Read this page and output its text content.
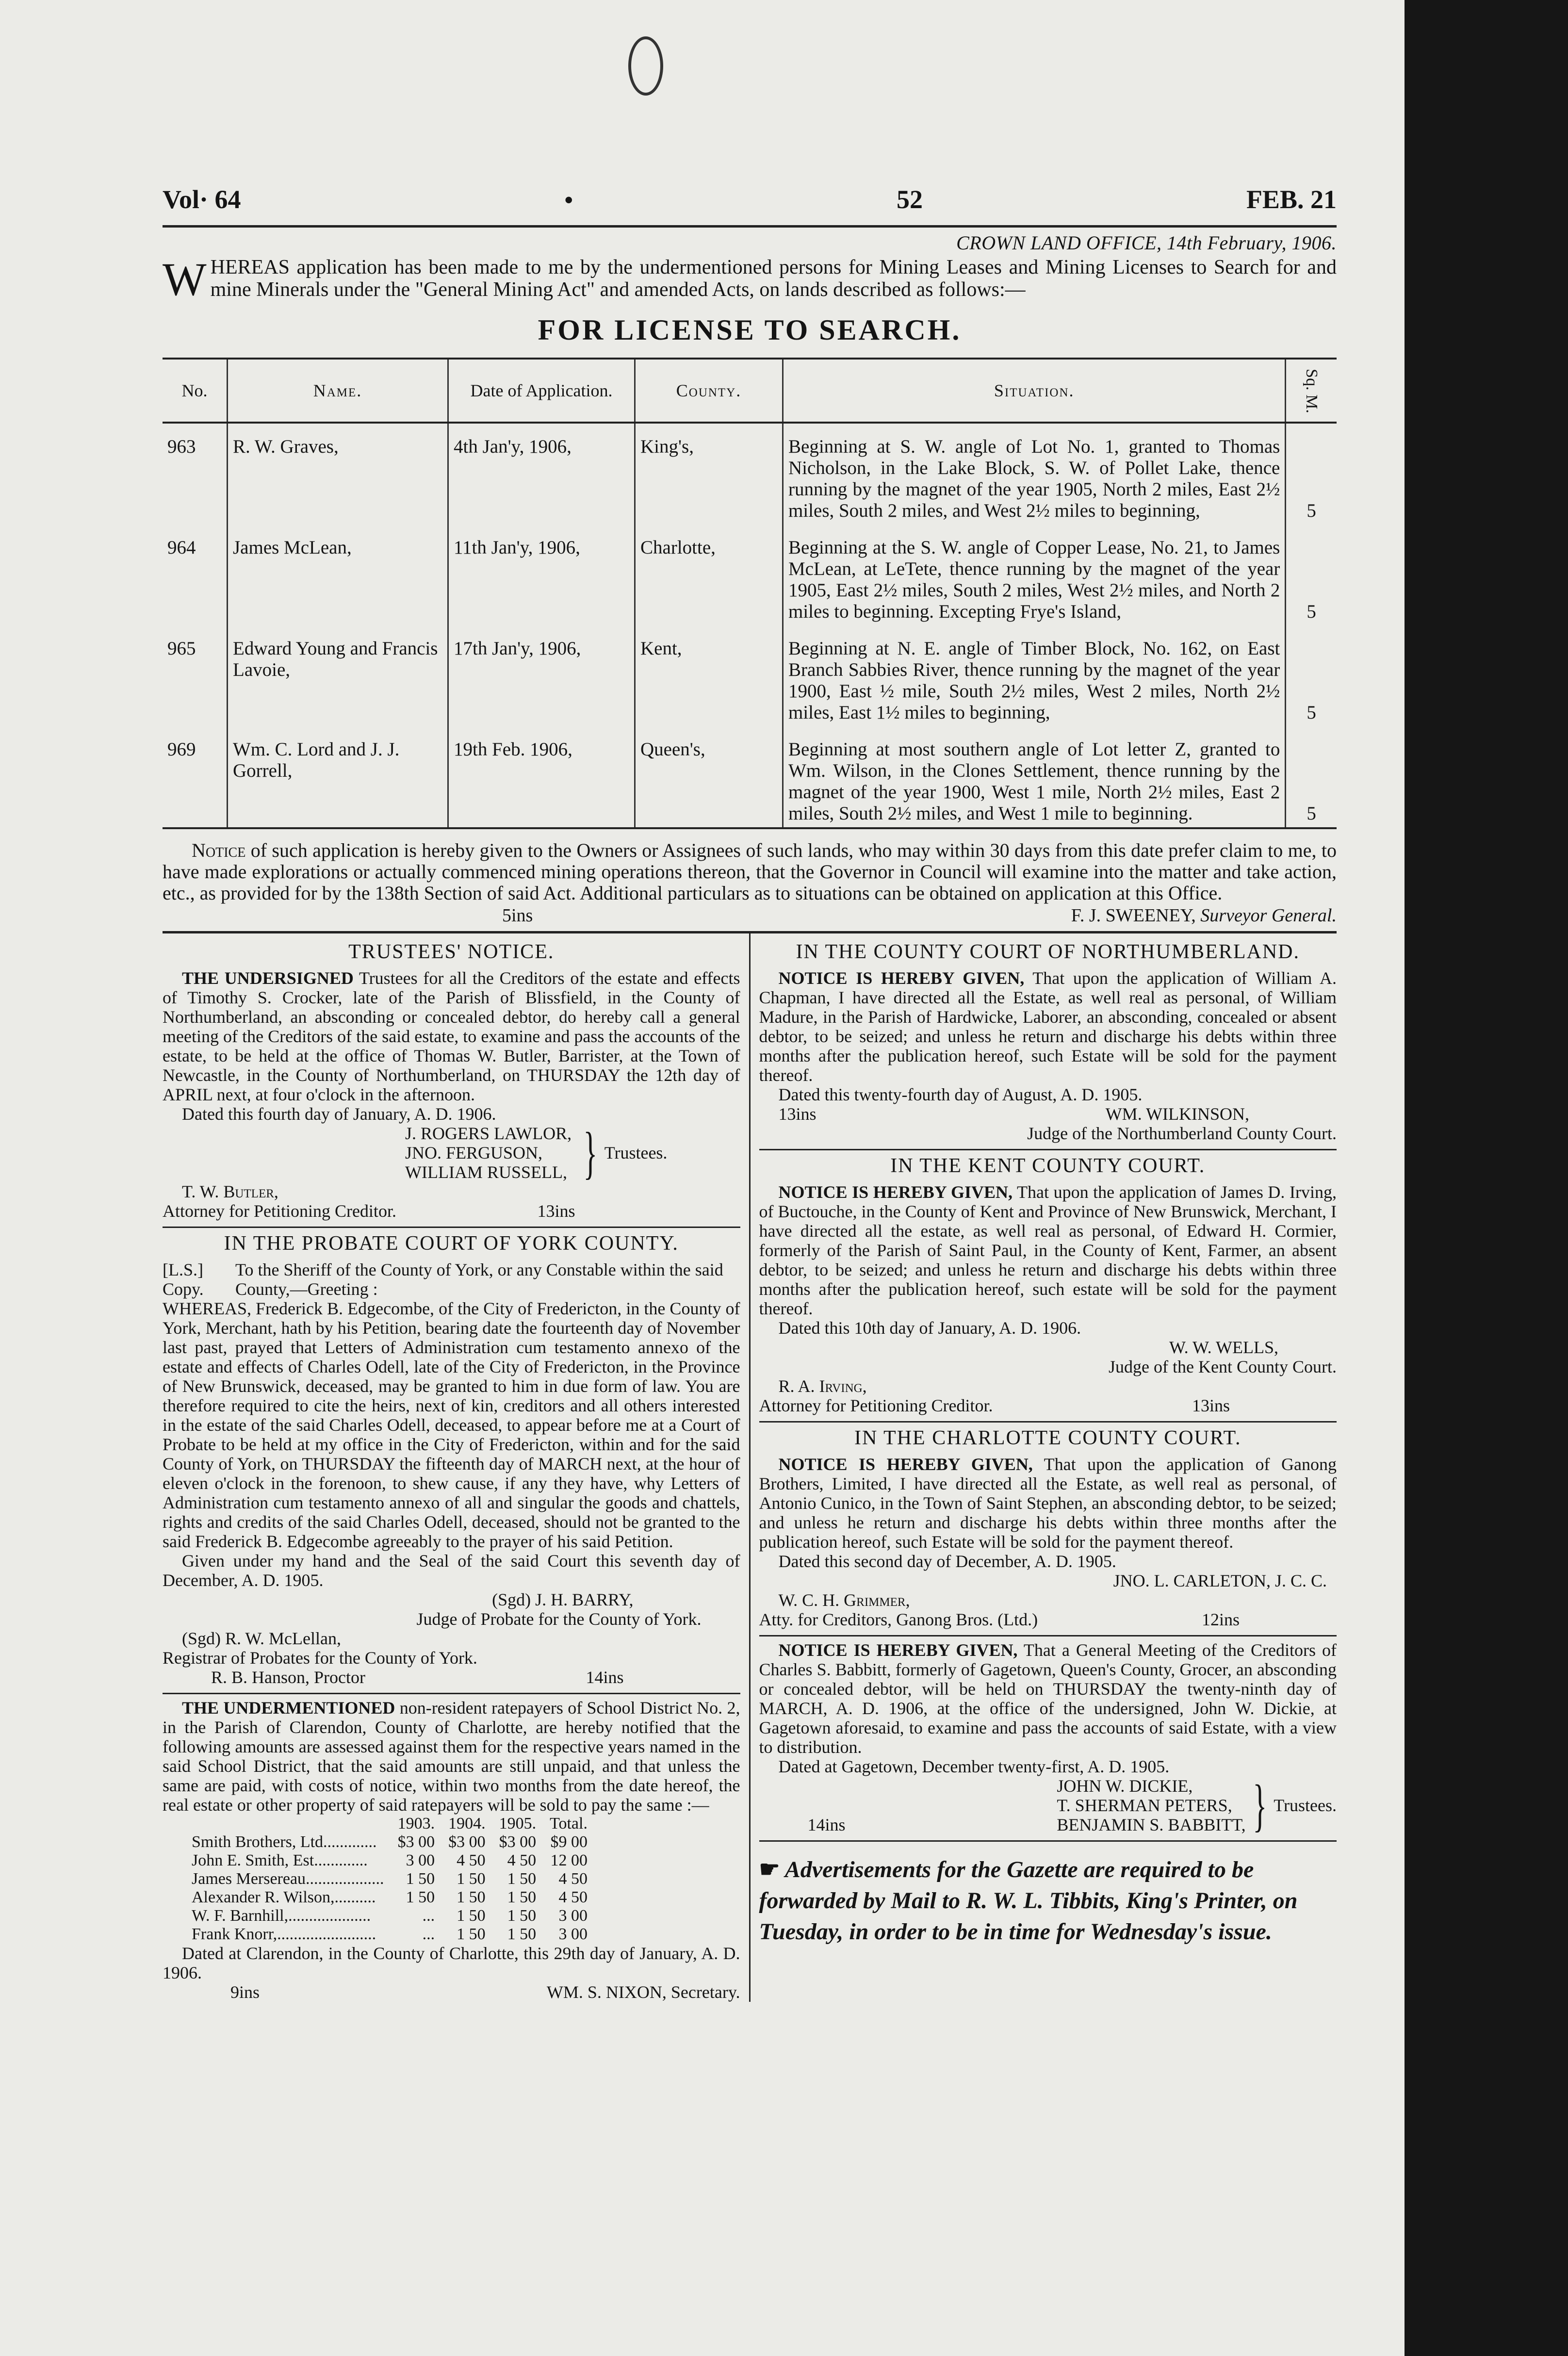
Vol· 64	•	52	FEB. 21
CROWN LAND OFFICE, 14th February, 1906.
WHEREAS application has been made to me by the undermentioned persons for Mining Leases and Mining Licenses to Search for and mine Minerals under the "General Mining Act" and amended Acts, on lands described as follows:—
FOR LICENSE TO SEARCH.
No.	Name.	Date of Application.	County.	Situation.	Sq. M.
963	R. W. Graves,	4th Jan'y, 1906,	King's,	Beginning at S. W. angle of Lot No. 1, granted to Thomas Nicholson, in the Lake Block, S. W. of Pollet Lake, thence running by the magnet of the year 1905, North 2 miles, East 2½ miles, South 2 miles, and West 2½ miles to beginning,	5
964	James McLean,	11th Jan'y, 1906,	Charlotte,	Beginning at the S. W. angle of Copper Lease, No. 21, to James McLean, at LeTete, thence running by the magnet of the year 1905, East 2½ miles, South 2 miles, West 2½ miles, and North 2 miles to beginning. Excepting Frye's Island,	5
965	Edward Young and Francis Lavoie,	17th Jan'y, 1906,	Kent,	Beginning at N. E. angle of Timber Block, No. 162, on East Branch Sabbies River, thence running by the magnet of the year 1900, East ½ mile, South 2½ miles, West 2 miles, North 2½ miles, East 1½ miles to beginning,	5
969	Wm. C. Lord and J. J. Gorrell,	19th Feb. 1906,	Queen's,	Beginning at most southern angle of Lot letter Z, granted to Wm. Wilson, in the Clones Settlement, thence running by the magnet of the year 1900, West 1 mile, North 2½ miles, East 2 miles, South 2½ miles, and West 1 mile to beginning.	5
Notice of such application is hereby given to the Owners or Assignees of such lands, who may within 30 days from this date prefer claim to me, to have made explorations or actually commenced mining operations thereon, that the Governor in Council will examine into the matter and take action, etc., as provided for by the 138th Section of said Act. Additional particulars as to situations can be obtained on application at this Office.
5ins	F. J. SWEENEY, Surveyor General.
TRUSTEES' NOTICE.
THE UNDERSIGNED Trustees for all the Creditors of the estate and effects of Timothy S. Crocker, late of the Parish of Blissfield, in the County of Northumberland, an absconding or concealed debtor, do hereby call a general meeting of the Creditors of the said estate, to examine and pass the accounts of the estate, to be held at the office of Thomas W. Butler, Barrister, at the Town of Newcastle, in the County of Northumberland, on THURSDAY the 12th day of APRIL next, at four o'clock in the afternoon.
Dated this fourth day of January, A. D. 1906.
J. ROGERS LAWLOR,
JNO. FERGUSON,
WILLIAM RUSSELL, } Trustees.
T. W. Butler,
Attorney for Petitioning Creditor.	13ins
IN THE PROBATE COURT OF YORK COUNTY.
[L.S.]
Copy.
To the Sheriff of the County of York, or any Constable within the said County,—Greeting :
WHEREAS, Frederick B. Edgecombe, of the City of Fredericton, in the County of York, Merchant, hath by his Petition, bearing date the fourteenth day of November last past, prayed that Letters of Administration cum testamento annexo of the estate and effects of Charles Odell, late of the City of Fredericton, in the Province of New Brunswick, deceased, may be granted to him in due form of law. You are therefore required to cite the heirs, next of kin, creditors and all others interested in the estate of the said Charles Odell, deceased, to appear before me at a Court of Probate to be held at my office in the City of Fredericton, within and for the said County of York, on THURSDAY the fifteenth day of MARCH next, at the hour of eleven o'clock in the forenoon, to shew cause, if any they have, why Letters of Administration cum testamento annexo of all and singular the goods and chattels, rights and credits of the said Charles Odell, deceased, should not be granted to the said Frederick B. Edgecombe agreeably to the prayer of his said Petition.
Given under my hand and the Seal of the said Court this seventh day of December, A. D. 1905.
(Sgd) J. H. BARRY,
Judge of Probate for the County of York.
(Sgd) R. W. McLellan,
Registrar of Probates for the County of York.
R. B. Hanson, Proctor	14ins
THE UNDERMENTIONED non-resident ratepayers of School District No. 2, in the Parish of Clarendon, County of Charlotte, are hereby notified that the following amounts are assessed against them for the respective years named in the said School District, that the said amounts are still unpaid, and that unless the same are paid, with costs of notice, within two months from the date hereof, the real estate or other property of said ratepayers will be sold to pay the same :—
	1903.	1904.	1905.	Total.
Smith Brothers, Ltd.............	$3 00	$3 00	$3 00	$9 00
John E. Smith, Est.............	3 00	4 50	4 50	12 00
James Mersereau...................	1 50	1 50	1 50	4 50
Alexander R. Wilson,..........	1 50	1 50	1 50	4 50
W. F. Barnhill,....................	...	1 50	1 50	3 00
Frank Knorr,........................	...	1 50	1 50	3 00
Dated at Clarendon, in the County of Charlotte, this 29th day of January, A. D. 1906.
9ins	WM. S. NIXON, Secretary.
IN THE COUNTY COURT OF NORTHUMBERLAND.
NOTICE IS HEREBY GIVEN, That upon the application of William A. Chapman, I have directed all the Estate, as well real as personal, of William Madure, in the Parish of Hardwicke, Laborer, an absconding, concealed or absent debtor, to be seized; and unless he return and discharge his debts within three months after the publication hereof, such Estate will be sold for the payment thereof.
Dated this twenty-fourth day of August, A. D. 1905.
13ins	WM. WILKINSON,
Judge of the Northumberland County Court.
IN THE KENT COUNTY COURT.
NOTICE IS HEREBY GIVEN, That upon the application of James D. Irving, of Buctouche, in the County of Kent and Province of New Brunswick, Merchant, I have directed all the estate, as well real as personal, of Edward H. Cormier, formerly of the Parish of Saint Paul, in the County of Kent, Farmer, an absent debtor, to be seized; and unless he return and discharge his debts within three months after the publication hereof, such estate will be sold for the payment thereof.
Dated this 10th day of January, A. D. 1906.
W. W. WELLS,
Judge of the Kent County Court.
R. A. Irving,
Attorney for Petitioning Creditor.	13ins
IN THE CHARLOTTE COUNTY COURT.
NOTICE IS HEREBY GIVEN, That upon the application of Ganong Brothers, Limited, I have directed all the Estate, as well real as personal, of Antonio Cunico, in the Town of Saint Stephen, an absconding debtor, to be seized; and unless he return and discharge his debts within three months after the publication hereof, such Estate will be sold for the payment thereof.
Dated this second day of December, A. D. 1905.
JNO. L. CARLETON, J. C. C.
W. C. H. Grimmer,
Atty. for Creditors, Ganong Bros. (Ltd.)	12ins
NOTICE IS HEREBY GIVEN, That a General Meeting of the Creditors of Charles S. Babbitt, formerly of Gagetown, Queen's County, Grocer, an absconding or concealed debtor, will be held on THURSDAY the twenty-ninth day of MARCH, A. D. 1906, at the office of the undersigned, John W. Dickie, at Gagetown aforesaid, to examine and pass the accounts of said Estate, with a view to distribution.
Dated at Gagetown, December twenty-first, A. D. 1905.
14ins
JOHN W. DICKIE,
T. SHERMAN PETERS,
BENJAMIN S. BABBITT, } Trustees.
☛ Advertisements for the Gazette are required to be forwarded by Mail to R. W. L. Tibbits, King's Printer, on Tuesday, in order to be in time for Wednesday's issue.
